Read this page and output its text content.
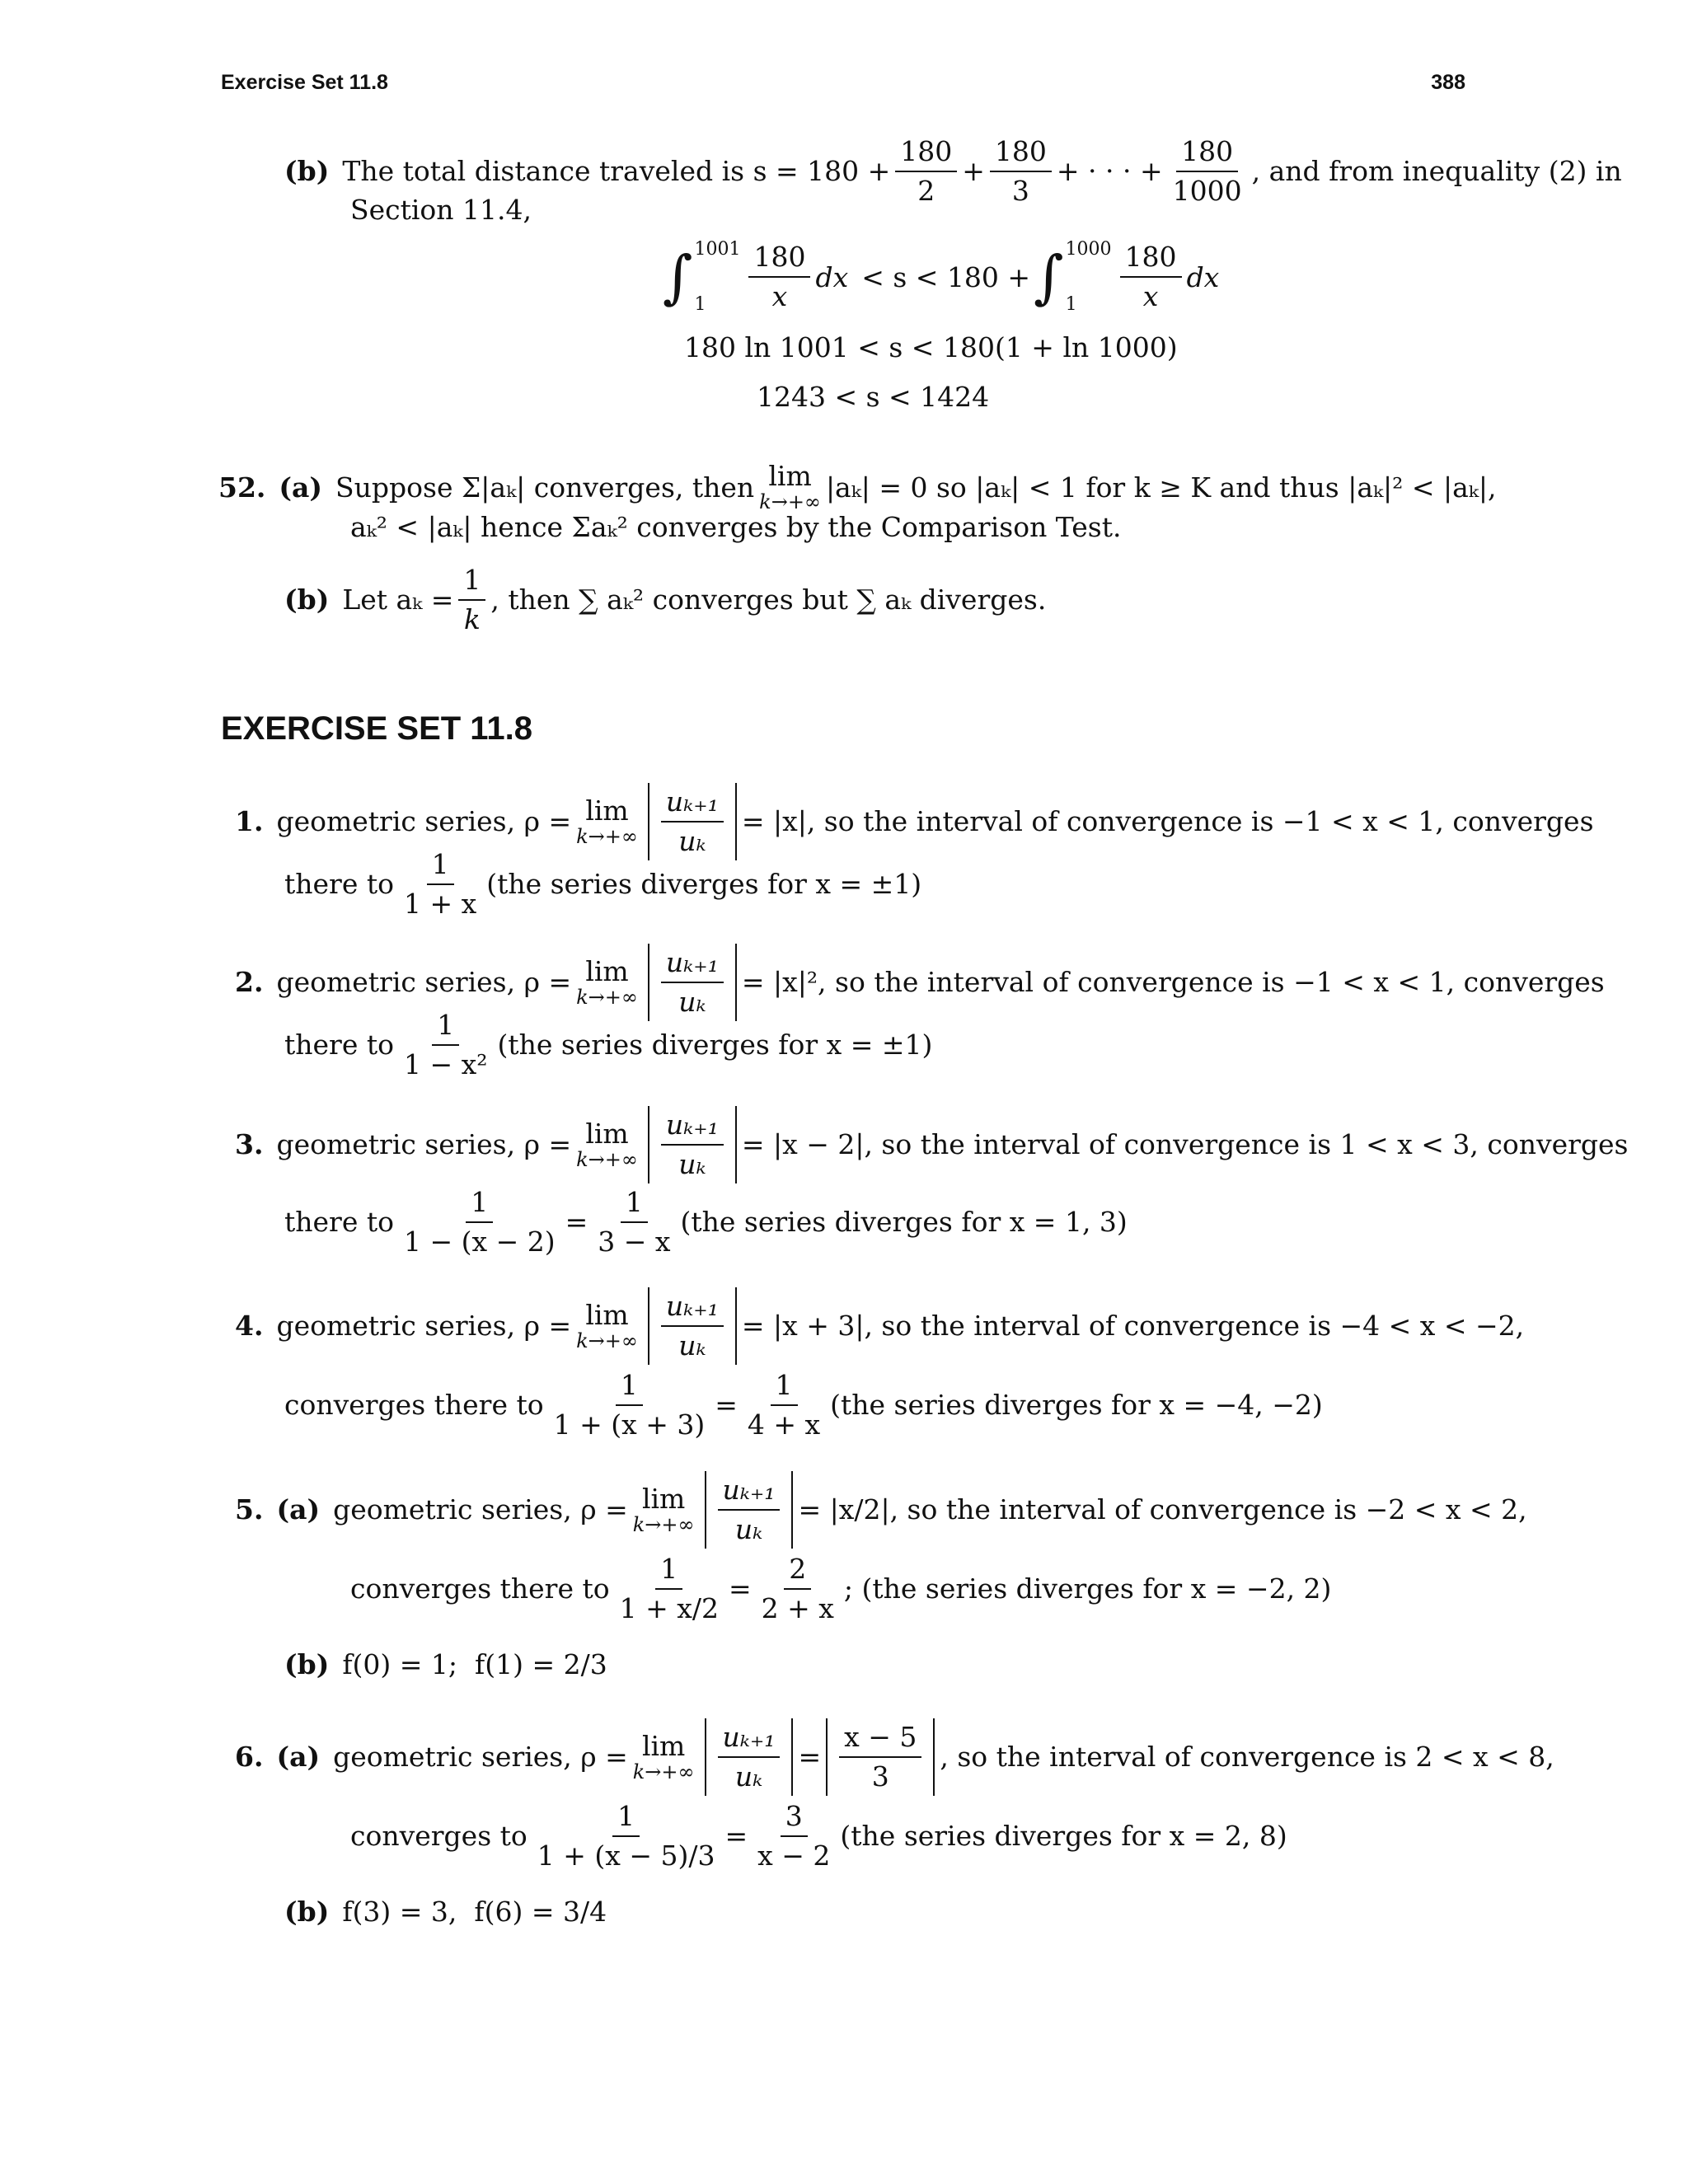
Exercise Set 11.8	388
(b) The total distance traveled is $s = 180 + \frac{180}{2} + \frac{180}{3}$ + · · · + $\frac{180}{1000}$ , and from inequality (2) in
Section 11.4,
∫ 1001
1	$\frac{180}{x}$ dx < s < 180 + ∫ 1000
1	$\frac{180}{x}$ dx
180 ln 1001 < s < 180(1 + ln 1000)
1243 < s < 1424
52. (a) Suppose Σ|aₖ| converges, then lim
k→+∞ |aₖ| = 0 so |aₖ| < 1 for k ≥ K and thus |aₖ|² < |aₖ|,
aₖ² < |aₖ| hence Σaₖ² converges by the Comparison Test.
(b) Let $a_k = \frac{1}{k}$ , then ∑ aₖ² converges but ∑ aₖ diverges.
EXERCISE SET 11.8
1. geometric series, ρ = lim
$k\to+\infty \frac{\text{uₖ₊₁}}{\text{uₖ}} = |x|$, so the interval of convergence is −1 < x < 1, converges
there to $\frac{1}{1 + x} (the$ series diverges for x = ±1)
2. geometric series, ρ = lim
$k\to+\infty \frac{\text{uₖ₊₁}}{\text{uₖ}} = |x|^2$, so the interval of convergence is −1 < x < 1, converges
there to $\frac{1}{\text{1 − x²}} (the$ series diverges for x = ±1)
3. geometric series, ρ = lim
$k\to+\infty \frac{\text{uₖ₊₁}}{\text{uₖ}} = |x - 2|$, so the interval of convergence is 1 < x < 3, converges
there to $\frac{1}{1 - (x - 2)} = \frac{1}{3 - x} (the$ series diverges for x = 1, 3)
4. geometric series, ρ = lim
$k\to+\infty \frac{\text{uₖ₊₁}}{\text{uₖ}} = |x + 3|$, so the interval of convergence is −4 < x < −2,
converges there to $\frac{1}{1 + (x + 3)} = \frac{1}{4 + x} (the$ series diverges for x = −4, −2)
5. (a) geometric series, ρ = lim
$k\to+\infty \frac{\text{uₖ₊₁}}{\text{uₖ}} = |x/2|$, so the interval of convergence is −2 < x < 2,
converges there to $\frac{1}{1 + x/2} = \frac{2}{2 + x}$ ; (the series diverges for x = −2, 2)
(b) f(0) = 1;  f(1) = 2/3
6. (a) geometric series, ρ = lim
$k\to+\infty \frac{\text{uₖ₊₁}}{\text{uₖ}} = \frac{x - 5}{3}$ , so the interval of convergence is 2 < x < 8,
converges to $\frac{1}{1 + (x - 5)/3} = \frac{3}{x - 2} (the$ series diverges for x = 2, 8)
(b) f(3) = 3,  f(6) = 3/4
